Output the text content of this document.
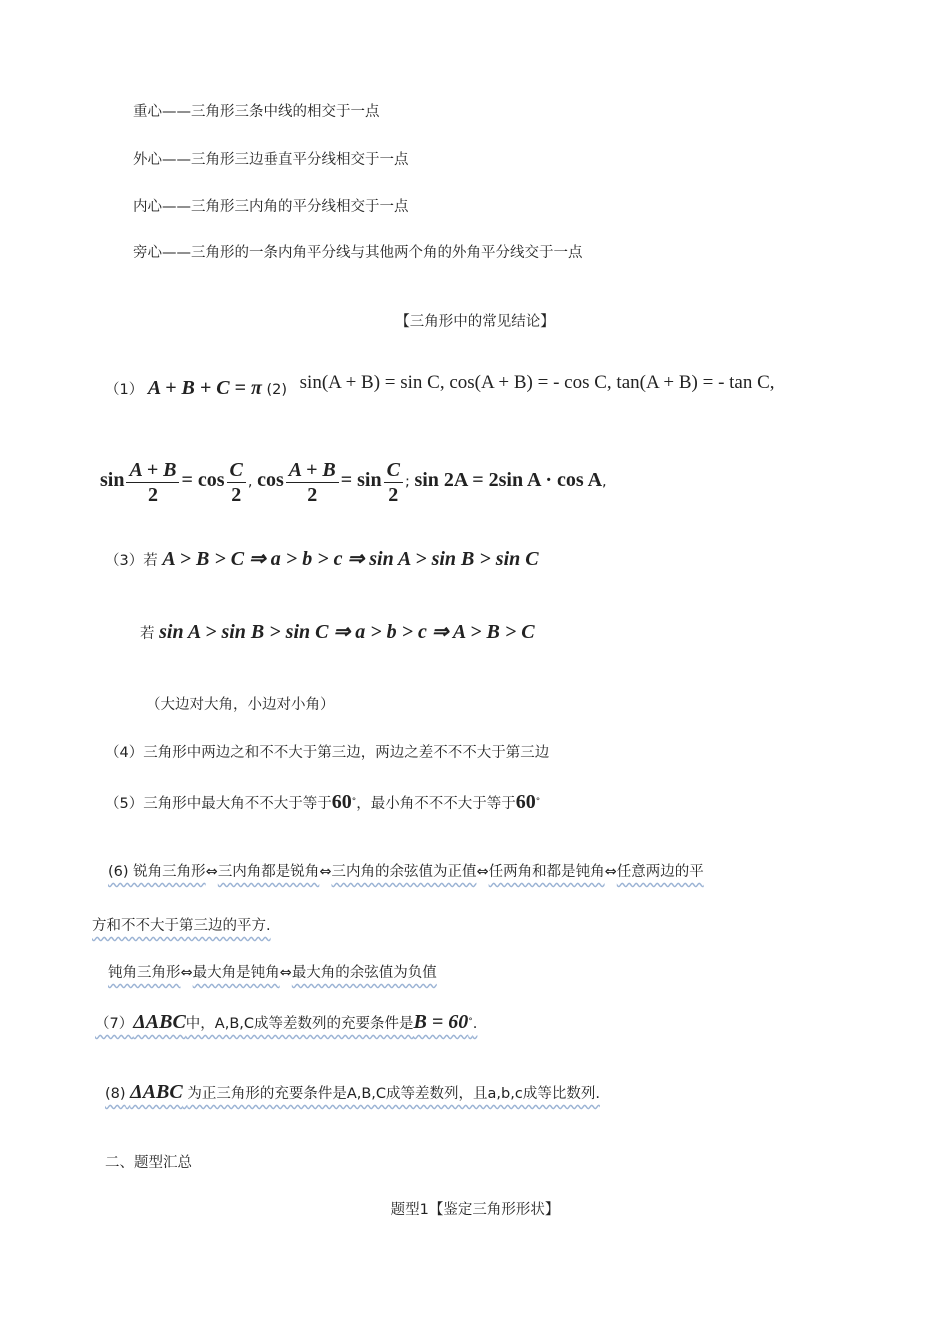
重心——三角形三条中线的相交于一点
外心——三角形三边垂直平分线相交于一点
内心——三角形三内角的平分线相交于一点
旁心——三角形的一条内角平分线与其他两个角的外角平分线交于一点
【三角形中的常见结论】
（1） A + B + C = π (2) sin(A + B) = sin C, cos(A + B) = - cos C, tan(A + B) = - tan C,
$\sin \frac{A + B}{2} = \cos \frac{C}{2}$ , $\cos \frac{A + B}{2} = \sin \frac{C}{2}$ ; sin 2A = 2sin A · cos A,
（3）若 A > B > C ⇒ a > b > c ⇒ sin A > sin B > sin C
若 sin A > sin B > sin C ⇒ a > b > c ⇒ A > B > C
（大边对大角，小边对小角）
（4）三角形中两边之和不不大于第三边，两边之差不不不大于第三边
（5）三角形中最大角不不大于等于60°，最小角不不不大于等于60°
(6) 锐角三角形⇔三内角都是锐角⇔三内角的余弦值为正值⇔任两角和都是钝角⇔任意两边的平
方和不不大于第三边的平方.
钝角三角形⇔最大角是钝角⇔最大角的余弦值为负值
（7）ΔABC中，A,B,C成等差数列的充要条件是B = 60°.
(8) ΔABC 为正三角形的充要条件是A,B,C成等差数列，且a,b,c成等比数列.
二、题型汇总
题型1【鉴定三角形形状】
